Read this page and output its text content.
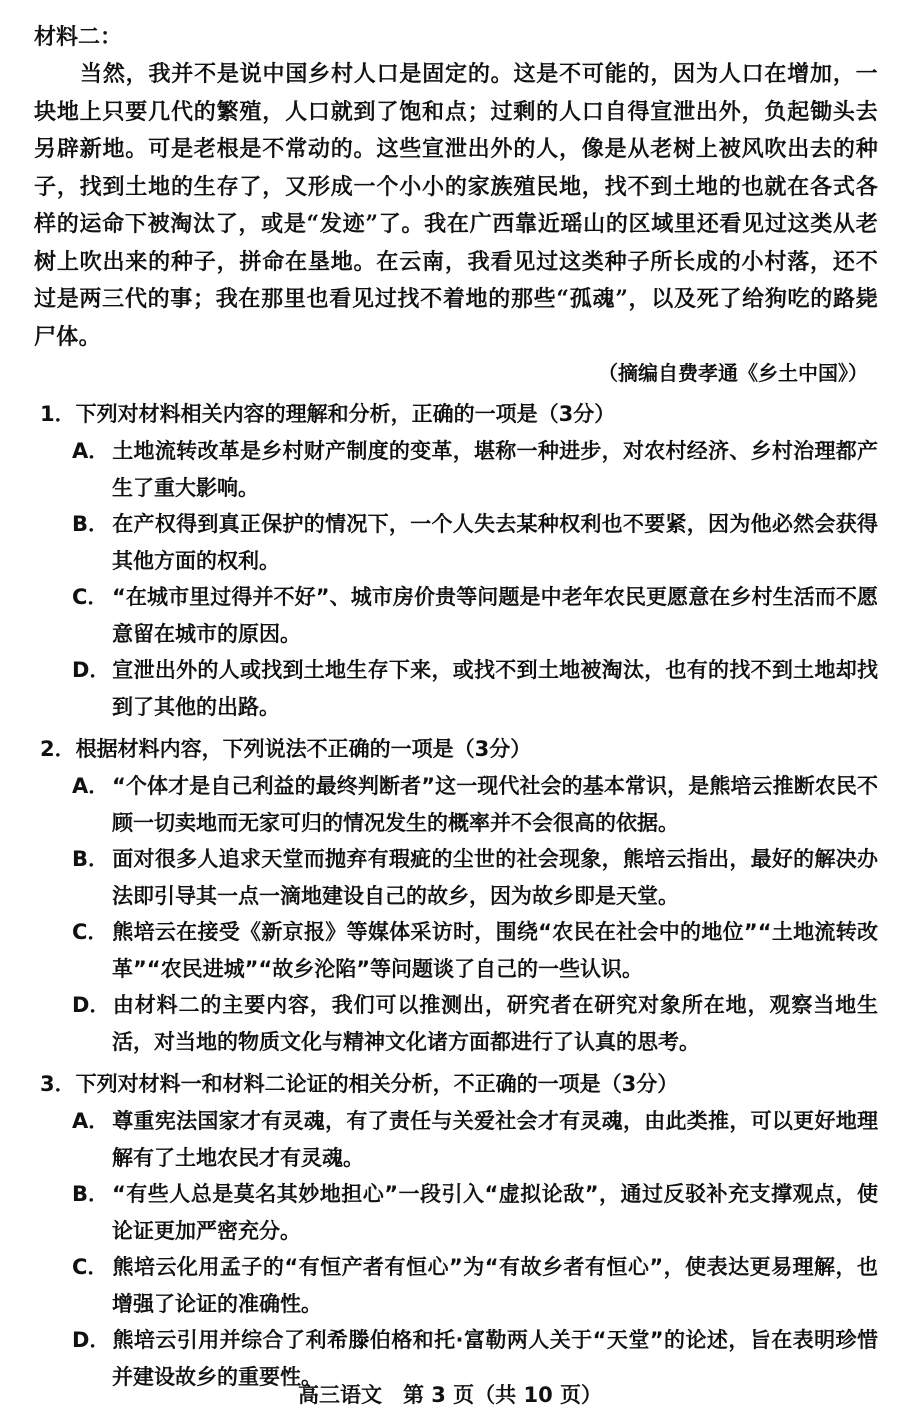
材料二：

当然，我并不是说中国乡村人口是固定的。这是不可能的，因为人口在增加，一块地上只要几代的繁殖，人口就到了饱和点；过剩的人口自得宣泄出外，负起锄头去另辟新地。可是老根是不常动的。这些宣泄出外的人，像是从老树上被风吹出去的种子，找到土地的生存了，又形成一个小小的家族殖民地，找不到土地的也就在各式各样的运命下被淘汰了，或是“发迹”了。我在广西靠近瑶山的区域里还看见过这类从老树上吹出来的种子，拼命在垦地。在云南，我看见过这类种子所长成的小村落，还不过是两三代的事；我在那里也看见过找不着地的那些“孤魂”，以及死了给狗吃的路毙尸体。

（摘编自费孝通《乡土中国》）

1．下列对材料相关内容的理解和分析，正确的一项是（3分）

A． 土地流转改革是乡村财产制度的变革，堪称一种进步，对农村经济、乡村治理都产生了重大影响。

B． 在产权得到真正保护的情况下，一个人失去某种权利也不要紧，因为他必然会获得其他方面的权利。

C． “在城市里过得并不好”、城市房价贵等问题是中老年农民更愿意在乡村生活而不愿意留在城市的原因。

D．宣泄出外的人或找到土地生存下来，或找不到土地被淘汰，也有的找不到土地却找到了其他的出路。

2．根据材料内容，下列说法不正确的一项是（3分）

A． “个体才是自己利益的最终判断者”这一现代社会的基本常识，是熊培云推断农民不顾一切卖地而无家可归的情况发生的概率并不会很高的依据。

B． 面对很多人追求天堂而抛弃有瑕疵的尘世的社会现象，熊培云指出，最好的解决办法即引导其一点一滴地建设自己的故乡，因为故乡即是天堂。

C． 熊培云在接受《新京报》等媒体采访时，围绕“农民在社会中的地位”“土地流转改革”“农民进城”“故乡沦陷”等问题谈了自己的一些认识。

D．由材料二的主要内容，我们可以推测出，研究者在研究对象所在地，观察当地生活，对当地的物质文化与精神文化诸方面都进行了认真的思考。

3．下列对材料一和材料二论证的相关分析，不正确的一项是（3分）

A． 尊重宪法国家才有灵魂，有了责任与关爱社会才有灵魂，由此类推，可以更好地理解有了土地农民才有灵魂。

B． “有些人总是莫名其妙地担心”一段引入“虚拟论敌”，通过反驳补充支撑观点，使论证更加严密充分。

C． 熊培云化用孟子的“有恒产者有恒心”为“有故乡者有恒心”，使表达更易理解，也增强了论证的准确性。

D．熊培云引用并综合了利希滕伯格和托·富勒两人关于“天堂”的论述，旨在表明珍惜并建设故乡的重要性。

高三语文　第 3 页（共 10 页）
